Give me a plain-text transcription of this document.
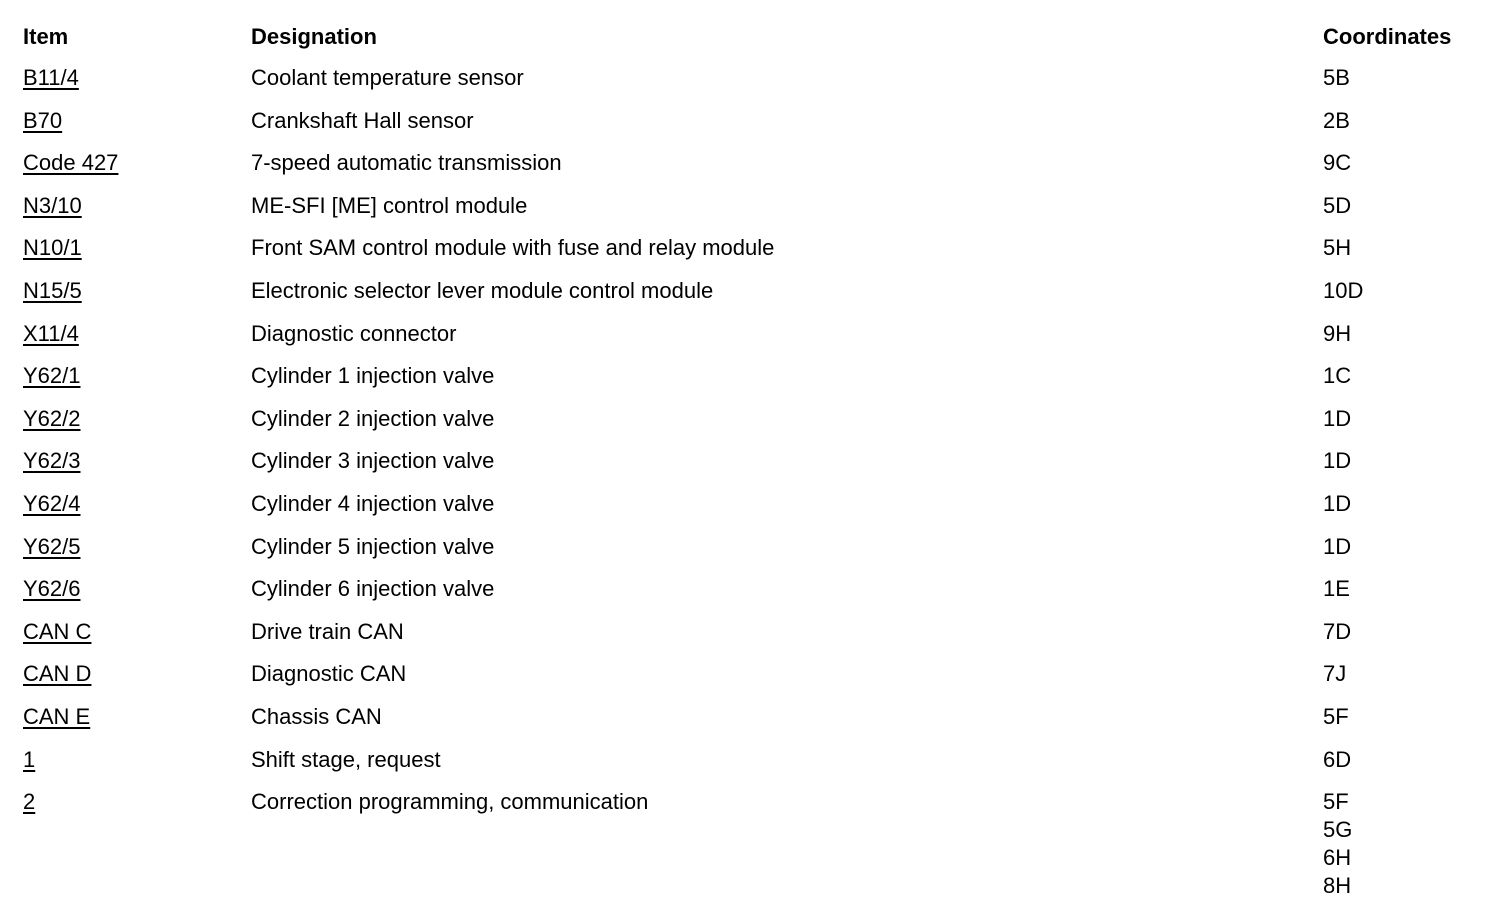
Item	Designation	Coordinates
B11/4	Coolant temperature sensor	5B
B70	Crankshaft Hall sensor	2B
Code 427	7-speed automatic transmission	9C
N3/10	ME-SFI [ME] control module	5D
N10/1	Front SAM control module with fuse and relay module	5H
N15/5	Electronic selector lever module control module	10D
X11/4	Diagnostic connector	9H
Y62/1	Cylinder 1 injection valve	1C
Y62/2	Cylinder 2 injection valve	1D
Y62/3	Cylinder 3 injection valve	1D
Y62/4	Cylinder 4 injection valve	1D
Y62/5	Cylinder 5 injection valve	1D
Y62/6	Cylinder 6 injection valve	1E
CAN C	Drive train CAN	7D
CAN D	Diagnostic CAN	7J
CAN E	Chassis CAN	5F
1	Shift stage, request	6D
2	Correction programming, communication	5F
5G
6H
8H
